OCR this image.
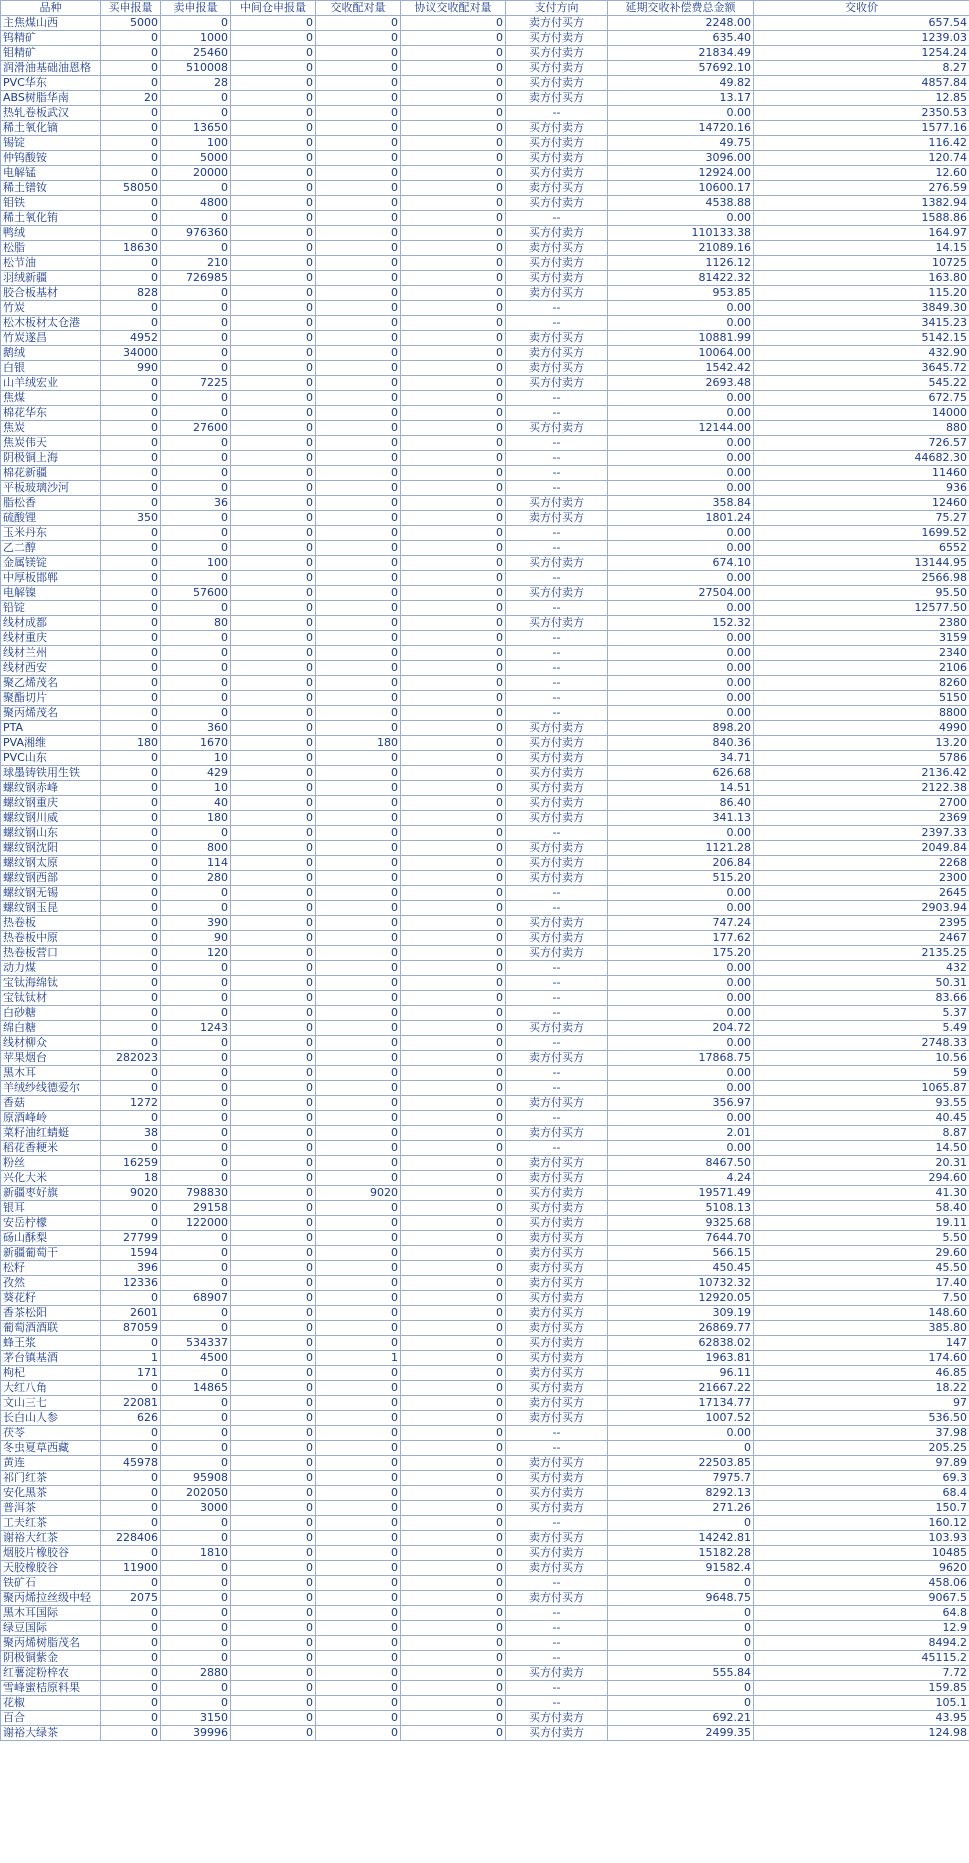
品种	买申报量	卖申报量	中间仓申报量	交收配对量	协议交收配对量	支付方向	延期交收补偿费总金额	交收价
主焦煤山西	5000	0	0	0	0	卖方付买方	2248.00	657.54
钨精矿	0	1000	0	0	0	买方付卖方	635.40	1239.03
钼精矿	0	25460	0	0	0	买方付卖方	21834.49	1254.24
润滑油基础油恩格	0	510008	0	0	0	买方付卖方	57692.10	8.27
PVC华东	0	28	0	0	0	买方付卖方	49.82	4857.84
ABS树脂华南	20	0	0	0	0	卖方付买方	13.17	12.85
热轧卷板武汉	0	0	0	0	0	--	0.00	2350.53
稀土氧化镝	0	13650	0	0	0	买方付卖方	14720.16	1577.16
锡锭	0	100	0	0	0	买方付卖方	49.75	116.42
仲钨酸铵	0	5000	0	0	0	买方付卖方	3096.00	120.74
电解锰	0	20000	0	0	0	买方付卖方	12924.00	12.60
稀土镨钕	58050	0	0	0	0	卖方付买方	10600.17	276.59
钼铁	0	4800	0	0	0	买方付卖方	4538.88	1382.94
稀土氧化铕	0	0	0	0	0	--	0.00	1588.86
鸭绒	0	976360	0	0	0	买方付卖方	110133.38	164.97
松脂	18630	0	0	0	0	卖方付买方	21089.16	14.15
松节油	0	210	0	0	0	买方付卖方	1126.12	10725
羽绒新疆	0	726985	0	0	0	买方付卖方	81422.32	163.80
胶合板基材	828	0	0	0	0	卖方付买方	953.85	115.20
竹炭	0	0	0	0	0	--	0.00	3849.30
松木板材太仓港	0	0	0	0	0	--	0.00	3415.23
竹炭遂昌	4952	0	0	0	0	卖方付买方	10881.99	5142.15
鹅绒	34000	0	0	0	0	卖方付买方	10064.00	432.90
白银	990	0	0	0	0	卖方付买方	1542.42	3645.72
山羊绒宏业	0	7225	0	0	0	买方付卖方	2693.48	545.22
焦煤	0	0	0	0	0	--	0.00	672.75
棉花华东	0	0	0	0	0	--	0.00	14000
焦炭	0	27600	0	0	0	买方付卖方	12144.00	880
焦炭伟天	0	0	0	0	0	--	0.00	726.57
阴极铜上海	0	0	0	0	0	--	0.00	44682.30
棉花新疆	0	0	0	0	0	--	0.00	11460
平板玻璃沙河	0	0	0	0	0	--	0.00	936
脂松香	0	36	0	0	0	买方付卖方	358.84	12460
硫酸锂	350	0	0	0	0	卖方付买方	1801.24	75.27
玉米丹东	0	0	0	0	0	--	0.00	1699.52
乙二醇	0	0	0	0	0	--	0.00	6552
金属镁锭	0	100	0	0	0	买方付卖方	674.10	13144.95
中厚板邯郸	0	0	0	0	0	--	0.00	2566.98
电解镍	0	57600	0	0	0	买方付卖方	27504.00	95.50
铅锭	0	0	0	0	0	--	0.00	12577.50
线材成都	0	80	0	0	0	买方付卖方	152.32	2380
线材重庆	0	0	0	0	0	--	0.00	3159
线材兰州	0	0	0	0	0	--	0.00	2340
线材西安	0	0	0	0	0	--	0.00	2106
聚乙烯茂名	0	0	0	0	0	--	0.00	8260
聚酯切片	0	0	0	0	0	--	0.00	5150
聚丙烯茂名	0	0	0	0	0	--	0.00	8800
PTA	0	360	0	0	0	买方付卖方	898.20	4990
PVA湘维	180	1670	0	180	0	买方付卖方	840.36	13.20
PVC山东	0	10	0	0	0	买方付卖方	34.71	5786
球墨铸铁用生铁	0	429	0	0	0	买方付卖方	626.68	2136.42
螺纹钢赤峰	0	10	0	0	0	买方付卖方	14.51	2122.38
螺纹钢重庆	0	40	0	0	0	买方付卖方	86.40	2700
螺纹钢川威	0	180	0	0	0	买方付卖方	341.13	2369
螺纹钢山东	0	0	0	0	0	--	0.00	2397.33
螺纹钢沈阳	0	800	0	0	0	买方付卖方	1121.28	2049.84
螺纹钢太原	0	114	0	0	0	买方付卖方	206.84	2268
螺纹钢西部	0	280	0	0	0	买方付卖方	515.20	2300
螺纹钢无锡	0	0	0	0	0	--	0.00	2645
螺纹钢玉昆	0	0	0	0	0	--	0.00	2903.94
热卷板	0	390	0	0	0	买方付卖方	747.24	2395
热卷板中原	0	90	0	0	0	买方付卖方	177.62	2467
热卷板营口	0	120	0	0	0	买方付卖方	175.20	2135.25
动力煤	0	0	0	0	0	--	0.00	432
宝钛海绵钛	0	0	0	0	0	--	0.00	50.31
宝钛钛材	0	0	0	0	0	--	0.00	83.66
白砂糖	0	0	0	0	0	--	0.00	5.37
绵白糖	0	1243	0	0	0	买方付卖方	204.72	5.49
线材柳众	0	0	0	0	0	--	0.00	2748.33
苹果烟台	282023	0	0	0	0	卖方付买方	17868.75	10.56
黑木耳	0	0	0	0	0	--	0.00	59
羊绒纱线德爱尔	0	0	0	0	0	--	0.00	1065.87
香菇	1272	0	0	0	0	卖方付买方	356.97	93.55
原酒峰岭	0	0	0	0	0	--	0.00	40.45
菜籽油红蜻蜓	38	0	0	0	0	卖方付买方	2.01	8.87
稻花香粳米	0	0	0	0	0	--	0.00	14.50
粉丝	16259	0	0	0	0	卖方付买方	8467.50	20.31
兴化大米	18	0	0	0	0	卖方付买方	4.24	294.60
新疆枣好旗	9020	798830	0	9020	0	买方付卖方	19571.49	41.30
银耳	0	29158	0	0	0	买方付卖方	5108.13	58.40
安岳柠檬	0	122000	0	0	0	买方付卖方	9325.68	19.11
砀山酥梨	27799	0	0	0	0	卖方付买方	7644.70	5.50
新疆葡萄干	1594	0	0	0	0	卖方付买方	566.15	29.60
松籽	396	0	0	0	0	卖方付买方	450.45	45.50
孜然	12336	0	0	0	0	卖方付买方	10732.32	17.40
葵花籽	0	68907	0	0	0	买方付卖方	12920.05	7.50
香茶松阳	2601	0	0	0	0	卖方付买方	309.19	148.60
葡萄酒酒联	87059	0	0	0	0	卖方付买方	26869.77	385.80
蜂王浆	0	534337	0	0	0	买方付卖方	62838.02	147
茅台镇基酒	1	4500	0	1	0	买方付卖方	1963.81	174.60
枸杞	171	0	0	0	0	卖方付买方	96.11	46.85
大红八角	0	14865	0	0	0	买方付卖方	21667.22	18.22
文山三七	22081	0	0	0	0	卖方付买方	17134.77	97
长白山人参	626	0	0	0	0	卖方付买方	1007.52	536.50
茯苓	0	0	0	0	0	--	0.00	37.98
冬虫夏草西藏	0	0	0	0	0	--	0	205.25
黄连	45978	0	0	0	0	卖方付买方	22503.85	97.89
祁门红茶	0	95908	0	0	0	买方付卖方	7975.7	69.3
安化黑茶	0	202050	0	0	0	买方付卖方	8292.13	68.4
普洱茶	0	3000	0	0	0	买方付卖方	271.26	150.7
工夫红茶	0	0	0	0	0	--	0	160.12
谢裕大红茶	228406	0	0	0	0	卖方付买方	14242.81	103.93
烟胶片橡胶谷	0	1810	0	0	0	买方付卖方	15182.28	10485
天胶橡胶谷	11900	0	0	0	0	卖方付买方	91582.4	9620
铁矿石	0	0	0	0	0	--	0	458.06
聚丙烯拉丝级中轻	2075	0	0	0	0	卖方付买方	9648.75	9067.5
黑木耳国际	0	0	0	0	0	--	0	64.8
绿豆国际	0	0	0	0	0	--	0	12.9
聚丙烯树脂茂名	0	0	0	0	0	--	0	8494.2
阴极铜紫金	0	0	0	0	0	--	0	45115.2
红薯淀粉梓农	0	2880	0	0	0	买方付卖方	555.84	7.72
雪峰蜜桔原料果	0	0	0	0	0	--	0	159.85
花椒	0	0	0	0	0	--	0	105.1
百合	0	3150	0	0	0	买方付卖方	692.21	43.95
谢裕大绿茶	0	39996	0	0	0	买方付卖方	2499.35	124.98
